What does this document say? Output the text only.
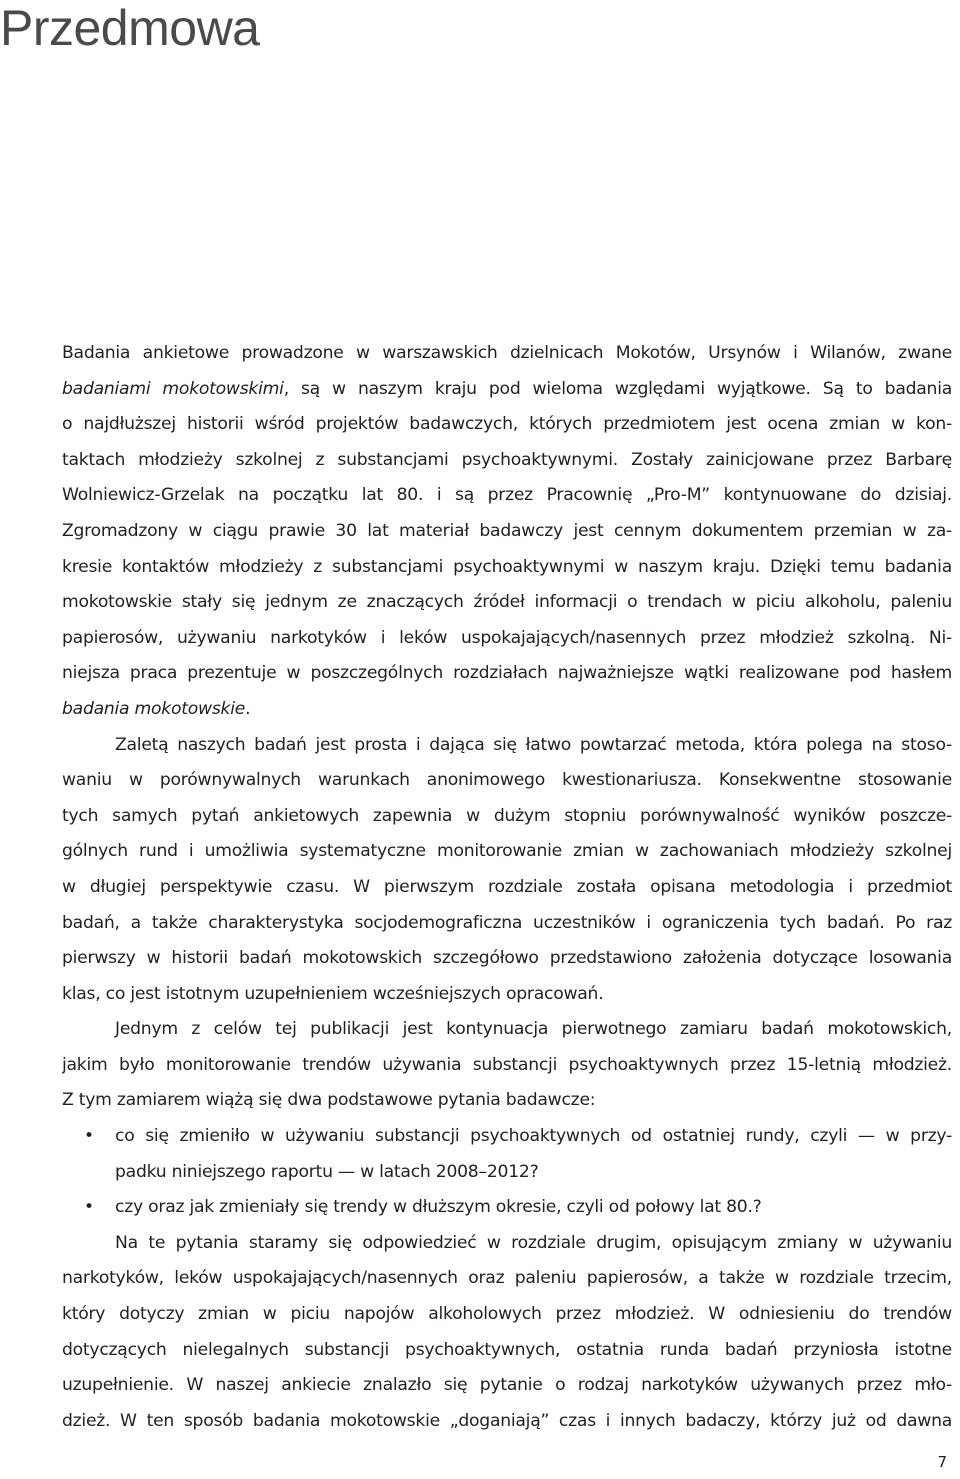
Przedmowa
Badania ankietowe prowadzone w warszawskich dzielnicach Mokotów, Ursynów i Wilanów, zwane
badaniami mokotowskimi, są w naszym kraju pod wieloma względami wyjątkowe. Są to badania
o najdłuższej historii wśród projektów badawczych, których przedmiotem jest ocena zmian w kon-
taktach młodzieży szkolnej z substancjami psychoaktywnymi. Zostały zainicjowane przez Barbarę
Wolniewicz-Grzelak na początku lat 80. i są przez Pracownię „Pro-M” kontynuowane do dzisiaj.
Zgromadzony w ciągu prawie 30 lat materiał badawczy jest cennym dokumentem przemian w za-
kresie kontaktów młodzieży z substancjami psychoaktywnymi w naszym kraju. Dzięki temu badania
mokotowskie stały się jednym ze znaczących źródeł informacji o trendach w piciu alkoholu, paleniu
papierosów, używaniu narkotyków i leków uspokajających/nasennych przez młodzież szkolną. Ni-
niejsza praca prezentuje w poszczególnych rozdziałach najważniejsze wątki realizowane pod hasłem
badania mokotowskie.
Zaletą naszych badań jest prosta i dająca się łatwo powtarzać metoda, która polega na stoso-
waniu w porównywalnych warunkach anonimowego kwestionariusza. Konsekwentne stosowanie
tych samych pytań ankietowych zapewnia w dużym stopniu porównywalność wyników poszcze-
gólnych rund i umożliwia systematyczne monitorowanie zmian w zachowaniach młodzieży szkolnej
w długiej perspektywie czasu. W pierwszym rozdziale została opisana metodologia i przedmiot
badań, a także charakterystyka socjodemograficzna uczestników i ograniczenia tych badań. Po raz
pierwszy w historii badań mokotowskich szczegółowo przedstawiono założenia dotyczące losowania
klas, co jest istotnym uzupełnieniem wcześniejszych opracowań.
Jednym z celów tej publikacji jest kontynuacja pierwotnego zamiaru badań mokotowskich,
jakim było monitorowanie trendów używania substancji psychoaktywnych przez 15-letnią młodzież.
Z tym zamiarem wiążą się dwa podstawowe pytania badawcze:
• co się zmieniło w używaniu substancji psychoaktywnych od ostatniej rundy, czyli — w przy-
padku niniejszego raportu — w latach 2008–2012?
• czy oraz jak zmieniały się trendy w dłuższym okresie, czyli od połowy lat 80.?
Na te pytania staramy się odpowiedzieć w rozdziale drugim, opisującym zmiany w używaniu
narkotyków, leków uspokajających/nasennych oraz paleniu papierosów, a także w rozdziale trzecim,
który dotyczy zmian w piciu napojów alkoholowych przez młodzież. W odniesieniu do trendów
dotyczących nielegalnych substancji psychoaktywnych, ostatnia runda badań przyniosła istotne
uzupełnienie. W naszej ankiecie znalazło się pytanie o rodzaj narkotyków używanych przez mło-
dzież. W ten sposób badania mokotowskie „doganiają” czas i innych badaczy, którzy już od dawna
7
